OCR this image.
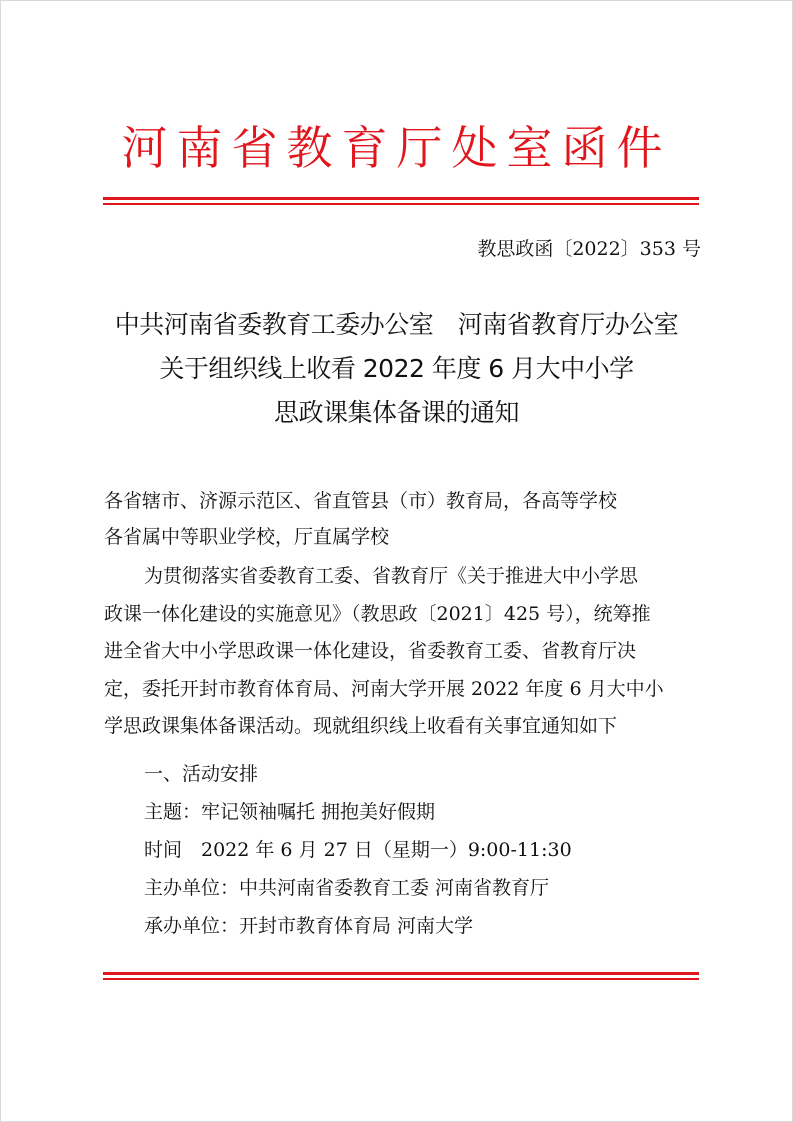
河南省教育厅处室函件
教思政函〔2022〕353 号
中共河南省委教育工委办公室　河南省教育厅办公室
关于组织线上收看 2022 年度 6 月大中小学
思政课集体备课的通知
各省辖市、济源示范区、省直管县（市）教育局，各高等学校
各省属中等职业学校，厅直属学校
为贯彻落实省委教育工委、省教育厅《关于推进大中小学思
政课一体化建设的实施意见》（教思政〔2021〕425 号），统筹推
进全省大中小学思政课一体化建设，省委教育工委、省教育厅决
定，委托开封市教育体育局、河南大学开展 2022 年度 6 月大中小
学思政课集体备课活动。现就组织线上收看有关事宜通知如下
一、活动安排
主题：牢记领袖嘱托 拥抱美好假期
时间　2022 年 6 月 27 日（星期一）9:00-11:30
主办单位：中共河南省委教育工委 河南省教育厅
承办单位：开封市教育体育局 河南大学
